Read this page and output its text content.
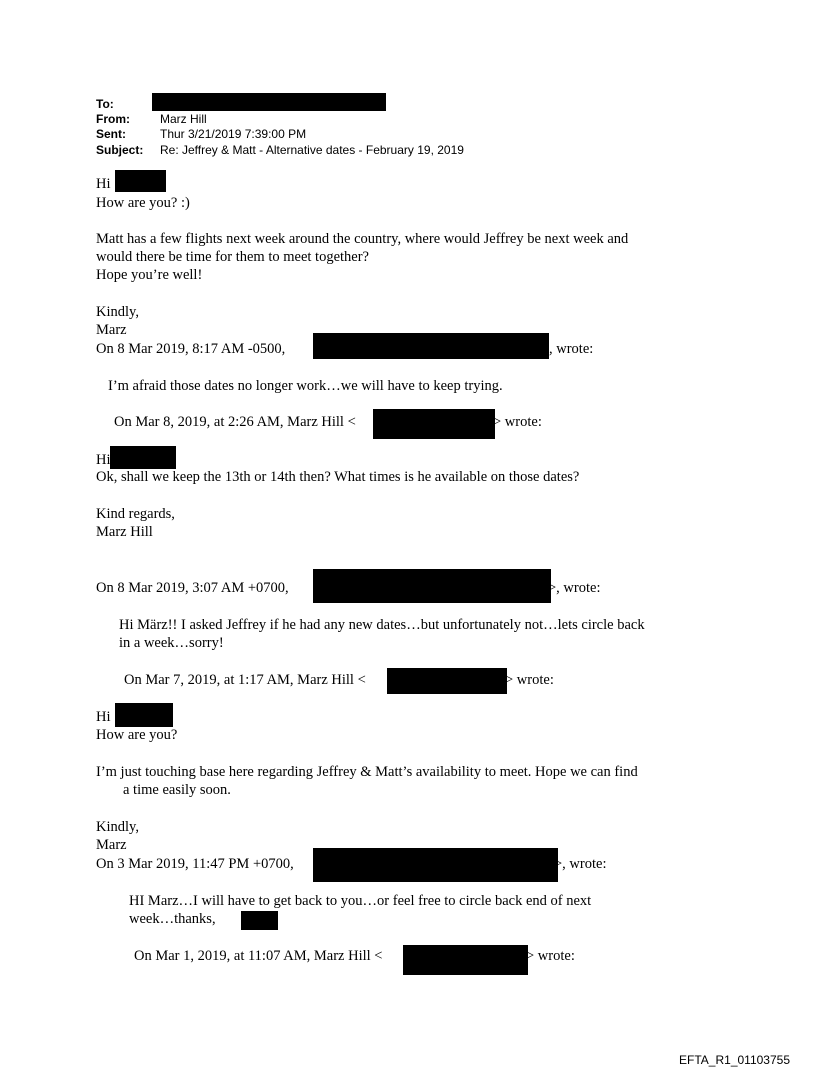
To:
From:	Marz Hill
Sent:	Thur 3/21/2019 7:39:00 PM
Subject: Re: Jeffrey & Matt - Alternative dates - February 19, 2019
Hi
How are you? :)
Matt has a few flights next week around the country, where would Jeffrey be next week and
would there be time for them to meet together?
Hope you’re well!
Kindly,
Marz
On 8 Mar 2019, 8:17 AM -0500,	, wrote:
I’m afraid those dates no longer work…we will have to keep trying.
On Mar 8, 2019, at 2:26 AM, Marz Hill <	> wrote:
Hi
Ok, shall we keep the 13th or 14th then? What times is he available on those dates?
Kind regards,
Marz Hill
On 8 Mar 2019, 3:07 AM +0700,	>, wrote:
Hi März!! I asked Jeffrey if he had any new dates…but unfortunately not…lets circle back
in a week…sorry!
On Mar 7, 2019, at 1:17 AM, Marz Hill <	> wrote:
Hi
How are you?
I’m just touching base here regarding Jeffrey & Matt’s availability to meet. Hope we can find
a time easily soon.
Kindly,
Marz
On 3 Mar 2019, 11:47 PM +0700,	>, wrote:
HI Marz…I will have to get back to you…or feel free to circle back end of next
week…thanks,
On Mar 1, 2019, at 11:07 AM, Marz Hill <	> wrote:
EFTA_R1_01103755
